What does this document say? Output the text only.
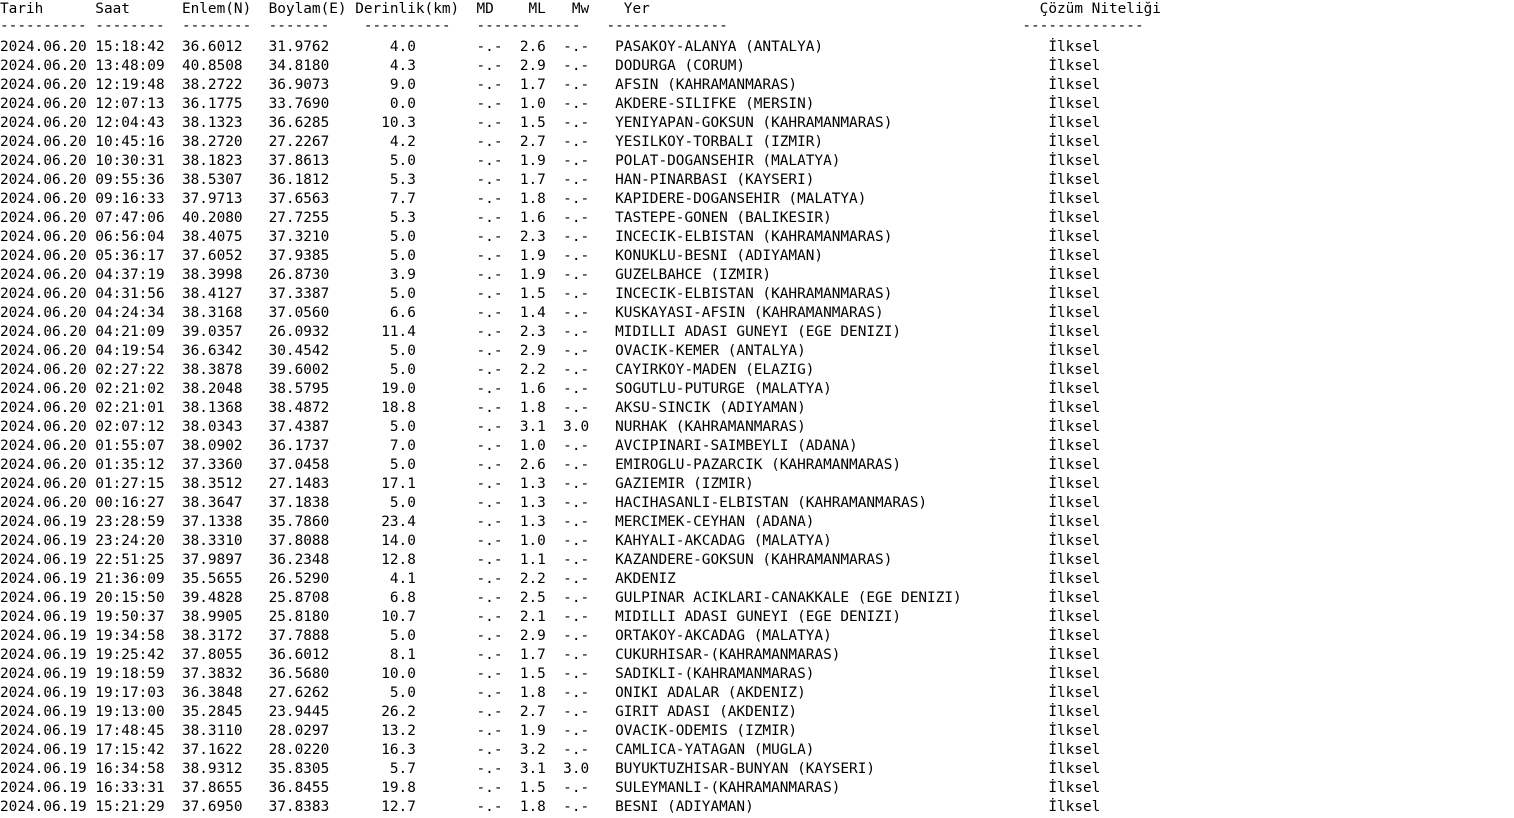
Tarih      Saat      Enlem(N)  Boylam(E) Derinlik(km)  MD    ML   Mw    Yer                                             Çözüm Niteliği
---------- --------  --------  -------    ----------   ------------   --------------                                  --------------
2024.06.20 15:18:42  36.6012   31.9762       4.0       -.-  2.6  -.-   PASAKOY-ALANYA (ANTALYA)                          İlksel
2024.06.20 13:48:09  40.8508   34.8180       4.3       -.-  2.9  -.-   DODURGA (CORUM)                                   İlksel
2024.06.20 12:19:48  38.2722   36.9073       9.0       -.-  1.7  -.-   AFSIN (KAHRAMANMARAS)                             İlksel
2024.06.20 12:07:13  36.1775   33.7690       0.0       -.-  1.0  -.-   AKDERE-SILIFKE (MERSIN)                           İlksel
2024.06.20 12:04:43  38.1323   36.6285      10.3       -.-  1.5  -.-   YENIYAPAN-GOKSUN (KAHRAMANMARAS)                  İlksel
2024.06.20 10:45:16  38.2720   27.2267       4.2       -.-  2.7  -.-   YESILKOY-TORBALI (IZMIR)                          İlksel
2024.06.20 10:30:31  38.1823   37.8613       5.0       -.-  1.9  -.-   POLAT-DOGANSEHIR (MALATYA)                        İlksel
2024.06.20 09:55:36  38.5307   36.1812       5.3       -.-  1.7  -.-   HAN-PINARBASI (KAYSERI)                           İlksel
2024.06.20 09:16:33  37.9713   37.6563       7.7       -.-  1.8  -.-   KAPIDERE-DOGANSEHIR (MALATYA)                     İlksel
2024.06.20 07:47:06  40.2080   27.7255       5.3       -.-  1.6  -.-   TASTEPE-GONEN (BALIKESIR)                         İlksel
2024.06.20 06:56:04  38.4075   37.3210       5.0       -.-  2.3  -.-   INCECIK-ELBISTAN (KAHRAMANMARAS)                  İlksel
2024.06.20 05:36:17  37.6052   37.9385       5.0       -.-  1.9  -.-   KONUKLU-BESNI (ADIYAMAN)                          İlksel
2024.06.20 04:37:19  38.3998   26.8730       3.9       -.-  1.9  -.-   GUZELBAHCE (IZMIR)                                İlksel
2024.06.20 04:31:56  38.4127   37.3387       5.0       -.-  1.5  -.-   INCECIK-ELBISTAN (KAHRAMANMARAS)                  İlksel
2024.06.20 04:24:34  38.3168   37.0560       6.6       -.-  1.4  -.-   KUSKAYASI-AFSIN (KAHRAMANMARAS)                   İlksel
2024.06.20 04:21:09  39.0357   26.0932      11.4       -.-  2.3  -.-   MIDILLI ADASI GUNEYI (EGE DENIZI)                 İlksel
2024.06.20 04:19:54  36.6342   30.4542       5.0       -.-  2.9  -.-   OVACIK-KEMER (ANTALYA)                            İlksel
2024.06.20 02:27:22  38.3878   39.6002       5.0       -.-  2.2  -.-   CAYIRKOY-MADEN (ELAZIG)                           İlksel
2024.06.20 02:21:02  38.2048   38.5795      19.0       -.-  1.6  -.-   SOGUTLU-PUTURGE (MALATYA)                         İlksel
2024.06.20 02:21:01  38.1368   38.4872      18.8       -.-  1.8  -.-   AKSU-SINCIK (ADIYAMAN)                            İlksel
2024.06.20 02:07:12  38.0343   37.4387       5.0       -.-  3.1  3.0   NURHAK (KAHRAMANMARAS)                            İlksel
2024.06.20 01:55:07  38.0902   36.1737       7.0       -.-  1.0  -.-   AVCIPINARI-SAIMBEYLI (ADANA)                      İlksel
2024.06.20 01:35:12  37.3360   37.0458       5.0       -.-  2.6  -.-   EMIROGLU-PAZARCIK (KAHRAMANMARAS)                 İlksel
2024.06.20 01:27:15  38.3512   27.1483      17.1       -.-  1.3  -.-   GAZIEMIR (IZMIR)                                  İlksel
2024.06.20 00:16:27  38.3647   37.1838       5.0       -.-  1.3  -.-   HACIHASANLI-ELBISTAN (KAHRAMANMARAS)              İlksel
2024.06.19 23:28:59  37.1338   35.7860      23.4       -.-  1.3  -.-   MERCIMEK-CEYHAN (ADANA)                           İlksel
2024.06.19 23:24:20  38.3310   37.8088      14.0       -.-  1.0  -.-   KAHYALI-AKCADAG (MALATYA)                         İlksel
2024.06.19 22:51:25  37.9897   36.2348      12.8       -.-  1.1  -.-   KAZANDERE-GOKSUN (KAHRAMANMARAS)                  İlksel
2024.06.19 21:36:09  35.5655   26.5290       4.1       -.-  2.2  -.-   AKDENIZ                                           İlksel
2024.06.19 20:15:50  39.4828   25.8708       6.8       -.-  2.5  -.-   GULPINAR ACIKLARI-CANAKKALE (EGE DENIZI)          İlksel
2024.06.19 19:50:37  38.9905   25.8180      10.7       -.-  2.1  -.-   MIDILLI ADASI GUNEYI (EGE DENIZI)                 İlksel
2024.06.19 19:34:58  38.3172   37.7888       5.0       -.-  2.9  -.-   ORTAKOY-AKCADAG (MALATYA)                         İlksel
2024.06.19 19:25:42  37.8055   36.6012       8.1       -.-  1.7  -.-   CUKURHISAR-(KAHRAMANMARAS)                        İlksel
2024.06.19 19:18:59  37.3832   36.5680      10.0       -.-  1.5  -.-   SADIKLI-(KAHRAMANMARAS)                           İlksel
2024.06.19 19:17:03  36.3848   27.6262       5.0       -.-  1.8  -.-   ONIKI ADALAR (AKDENIZ)                            İlksel
2024.06.19 19:13:00  35.2845   23.9445      26.2       -.-  2.7  -.-   GIRIT ADASI (AKDENIZ)                             İlksel
2024.06.19 17:48:45  38.3110   28.0297      13.2       -.-  1.9  -.-   OVACIK-ODEMIS (IZMIR)                             İlksel
2024.06.19 17:15:42  37.1622   28.0220      16.3       -.-  3.2  -.-   CAMLICA-YATAGAN (MUGLA)                           İlksel
2024.06.19 16:34:58  38.9312   35.8305       5.7       -.-  3.1  3.0   BUYUKTUZHISAR-BUNYAN (KAYSERI)                    İlksel
2024.06.19 16:33:31  37.8655   36.8455      19.8       -.-  1.5  -.-   SULEYMANLI-(KAHRAMANMARAS)                        İlksel
2024.06.19 15:21:29  37.6950   37.8383      12.7       -.-  1.8  -.-   BESNI (ADIYAMAN)                                  İlksel
